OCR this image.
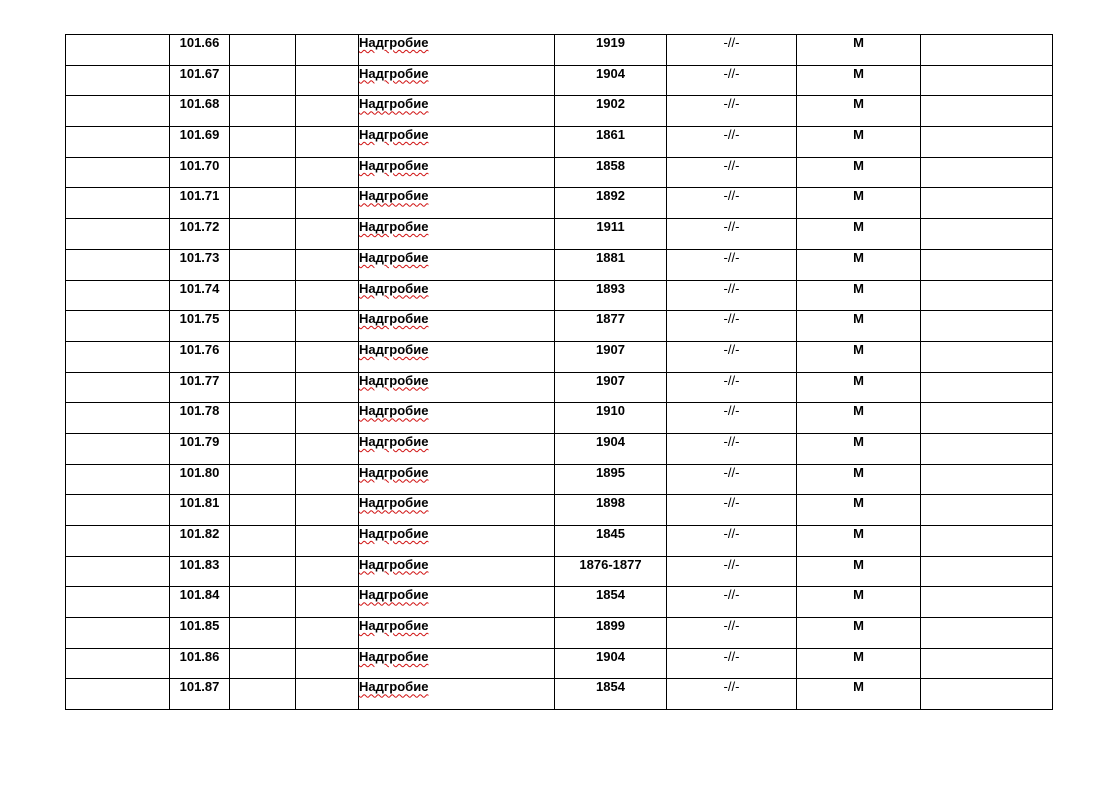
	101.66			Надгробие	1919	-//-	М	
	101.67			Надгробие	1904	-//-	М	
	101.68			Надгробие	1902	-//-	М	
	101.69			Надгробие	1861	-//-	М	
	101.70			Надгробие	1858	-//-	М	
	101.71			Надгробие	1892	-//-	М	
	101.72			Надгробие	1911	-//-	М	
	101.73			Надгробие	1881	-//-	М	
	101.74			Надгробие	1893	-//-	М	
	101.75			Надгробие	1877	-//-	М	
	101.76			Надгробие	1907	-//-	М	
	101.77			Надгробие	1907	-//-	М	
	101.78			Надгробие	1910	-//-	М	
	101.79			Надгробие	1904	-//-	М	
	101.80			Надгробие	1895	-//-	М	
	101.81			Надгробие	1898	-//-	М	
	101.82			Надгробие	1845	-//-	М	
	101.83			Надгробие	1876-1877	-//-	М	
	101.84			Надгробие	1854	-//-	М	
	101.85			Надгробие	1899	-//-	М	
	101.86			Надгробие	1904	-//-	М	
	101.87			Надгробие	1854	-//-	М	
